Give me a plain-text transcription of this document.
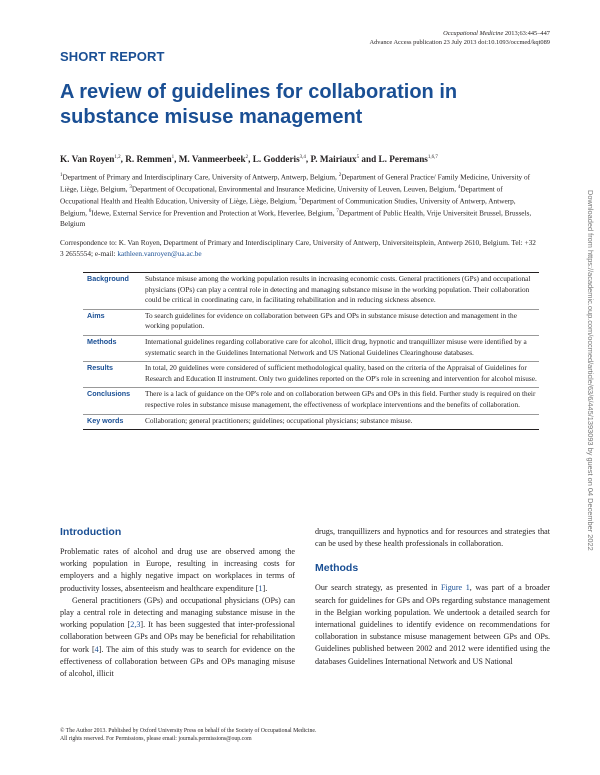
Occupational Medicine 2013;63:445–447
Advance Access publication 23 July 2013 doi:10.1093/occmed/kqt089
SHORT REPORT
A review of guidelines for collaboration in substance misuse management
K. Van Royen$^{1,2}$, R. Remmen$^1$, M. Vanmeerbeek$^2$, L. Godderis$^{3,4}$, P. Mairiaux$^5$ and L. Peremans$^{1,6,7}$
$^1$Department of Primary and Interdisciplinary Care, University of Antwerp, Antwerp, Belgium, $^2$Department of General Practice/ Family Medicine, University of Liège, Liège, Belgium, $^3$Department of Occupational, Environmental and Insurance Medicine, University of Leuven, Leuven, Belgium, $^4$Department of Occupational Health and Health Education, University of Liège, Liège, Belgium, $^5$Department of Communication Studies, University of Antwerp, Antwerp, Belgium, $^6$Idewe, External Service for Prevention and Protection at Work, Heverlee, Belgium, $^7$Department of Public Health, Vrije Universiteit Brussel, Brussels, Belgium
Correspondence to: K. Van Royen, Department of Primary and Interdisciplinary Care, University of Antwerp, Universiteitsplein, Antwerp 2610, Belgium. Tel: +32 3 2655554; e-mail: kathleen.vanroyen@ua.ac.be
Background	Substance misuse among the working population results in increasing economic costs. General practitioners (GPs) and occupational physicians (OPs) can play a central role in detecting and managing substance misuse in the working population. Their collaboration could be critical in coordinating care, in facilitating rehabilitation and in reducing sickness absence.
Aims	To search guidelines for evidence on collaboration between GPs and OPs in substance misuse detection and management in the working population.
Methods	International guidelines regarding collaborative care for alcohol, illicit drug, hypnotic and tranquillizer misuse were identified by a systematic search in the Guidelines International Network and US National Guidelines Clearinghouse databases.
Results	In total, 20 guidelines were considered of sufficient methodological quality, based on the criteria of the Appraisal of Guidelines for Research and Education II instrument. Only two guidelines reported on the OP's role in screening and intervention for alcohol misuse.
Conclusions	There is a lack of guidance on the OP's role and on collaboration between GPs and OPs in this field. Further study is required on their respective roles in substance misuse management, the effectiveness of workplace interventions and the benefits of collaboration.
Key words	Collaboration; general practitioners; guidelines; occupational physicians; substance misuse.
Introduction
Problematic rates of alcohol and drug use are observed among the working population in Europe, resulting in increasing costs for employers and a highly negative impact on workplaces in terms of productivity losses, absenteeism and healthcare expenditure [1].
General practitioners (GPs) and occupational physicians (OPs) can play a central role in detecting and managing substance misuse in the working population [2,3]. It has been suggested that inter-professional collaboration between GPs and OPs may be beneficial for rehabilitation for work [4]. The aim of this study was to search for evidence on the effectiveness of collaboration between GPs and OPs managing misuse of alcohol, illicit
drugs, tranquillizers and hypnotics and for resources and strategies that can be used by these health professionals in collaboration.
Methods
Our search strategy, as presented in Figure 1, was part of a broader search for guidelines for GPs and OPs regarding substance management in the Belgian working population. We undertook a detailed search for international guidelines to identify evidence on recommendations for collaboration in substance misuse management between GPs and OPs. Guidelines published between 2002 and 2012 were identified using the databases Guidelines International Network and US National
© The Author 2013. Published by Oxford University Press on behalf of the Society of Occupational Medicine.
All rights reserved. For Permissions, please email: journals.permissions@oup.com
Downloaded from https://academic.oup.com/occmed/article/63/6/445/1393093 by guest on 04 December 2022
